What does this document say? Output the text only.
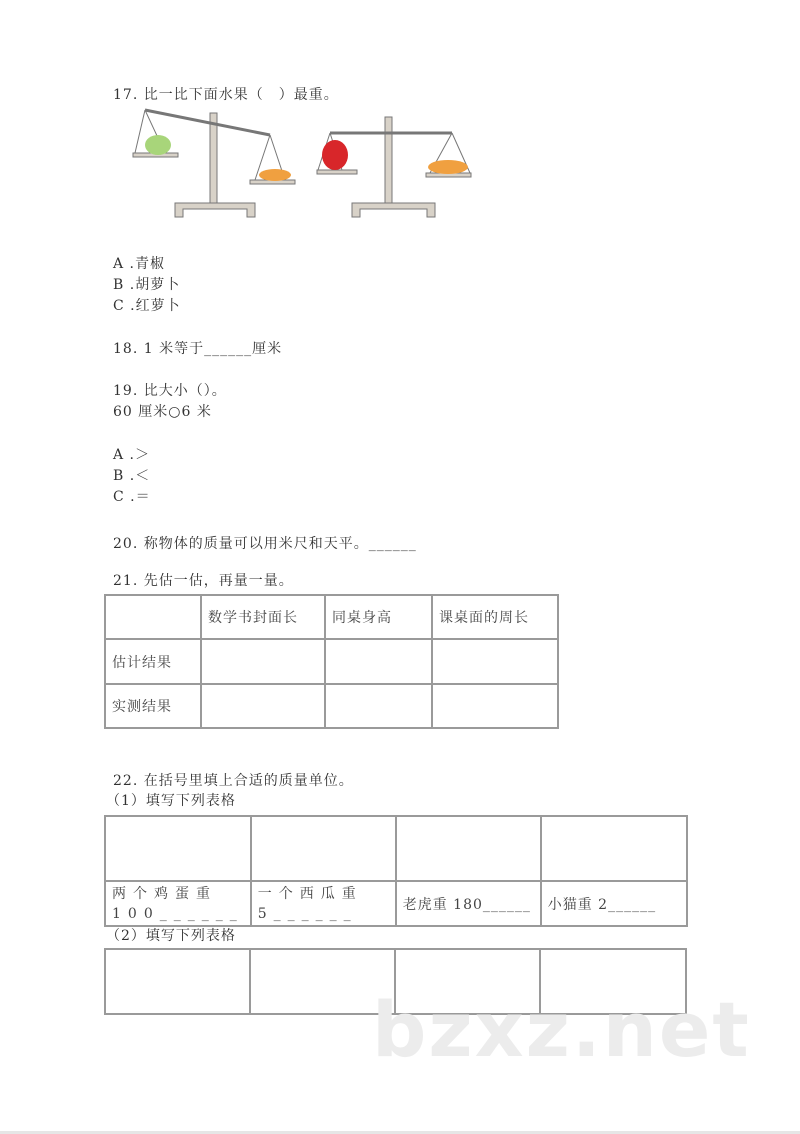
17. 比一比下面水果（　）最重。
A .青椒
B .胡萝卜
C .红萝卜
18. 1 米等于______厘米
19. 比大小（）。
60 厘米○6 米
A .＞
B .＜
C .＝
20. 称物体的质量可以用米尺和天平。______
21. 先估一估，再量一量。
	数学书封面长	同桌身高	课桌面的周长
估计结果			
实测结果			
22. 在括号里填上合适的质量单位。
（1）填写下列表格

两个鸡蛋重100______	一个西瓜重5______	老虎重 180______	小猫重 2______
（2）填写下列表格

bzxz.net
